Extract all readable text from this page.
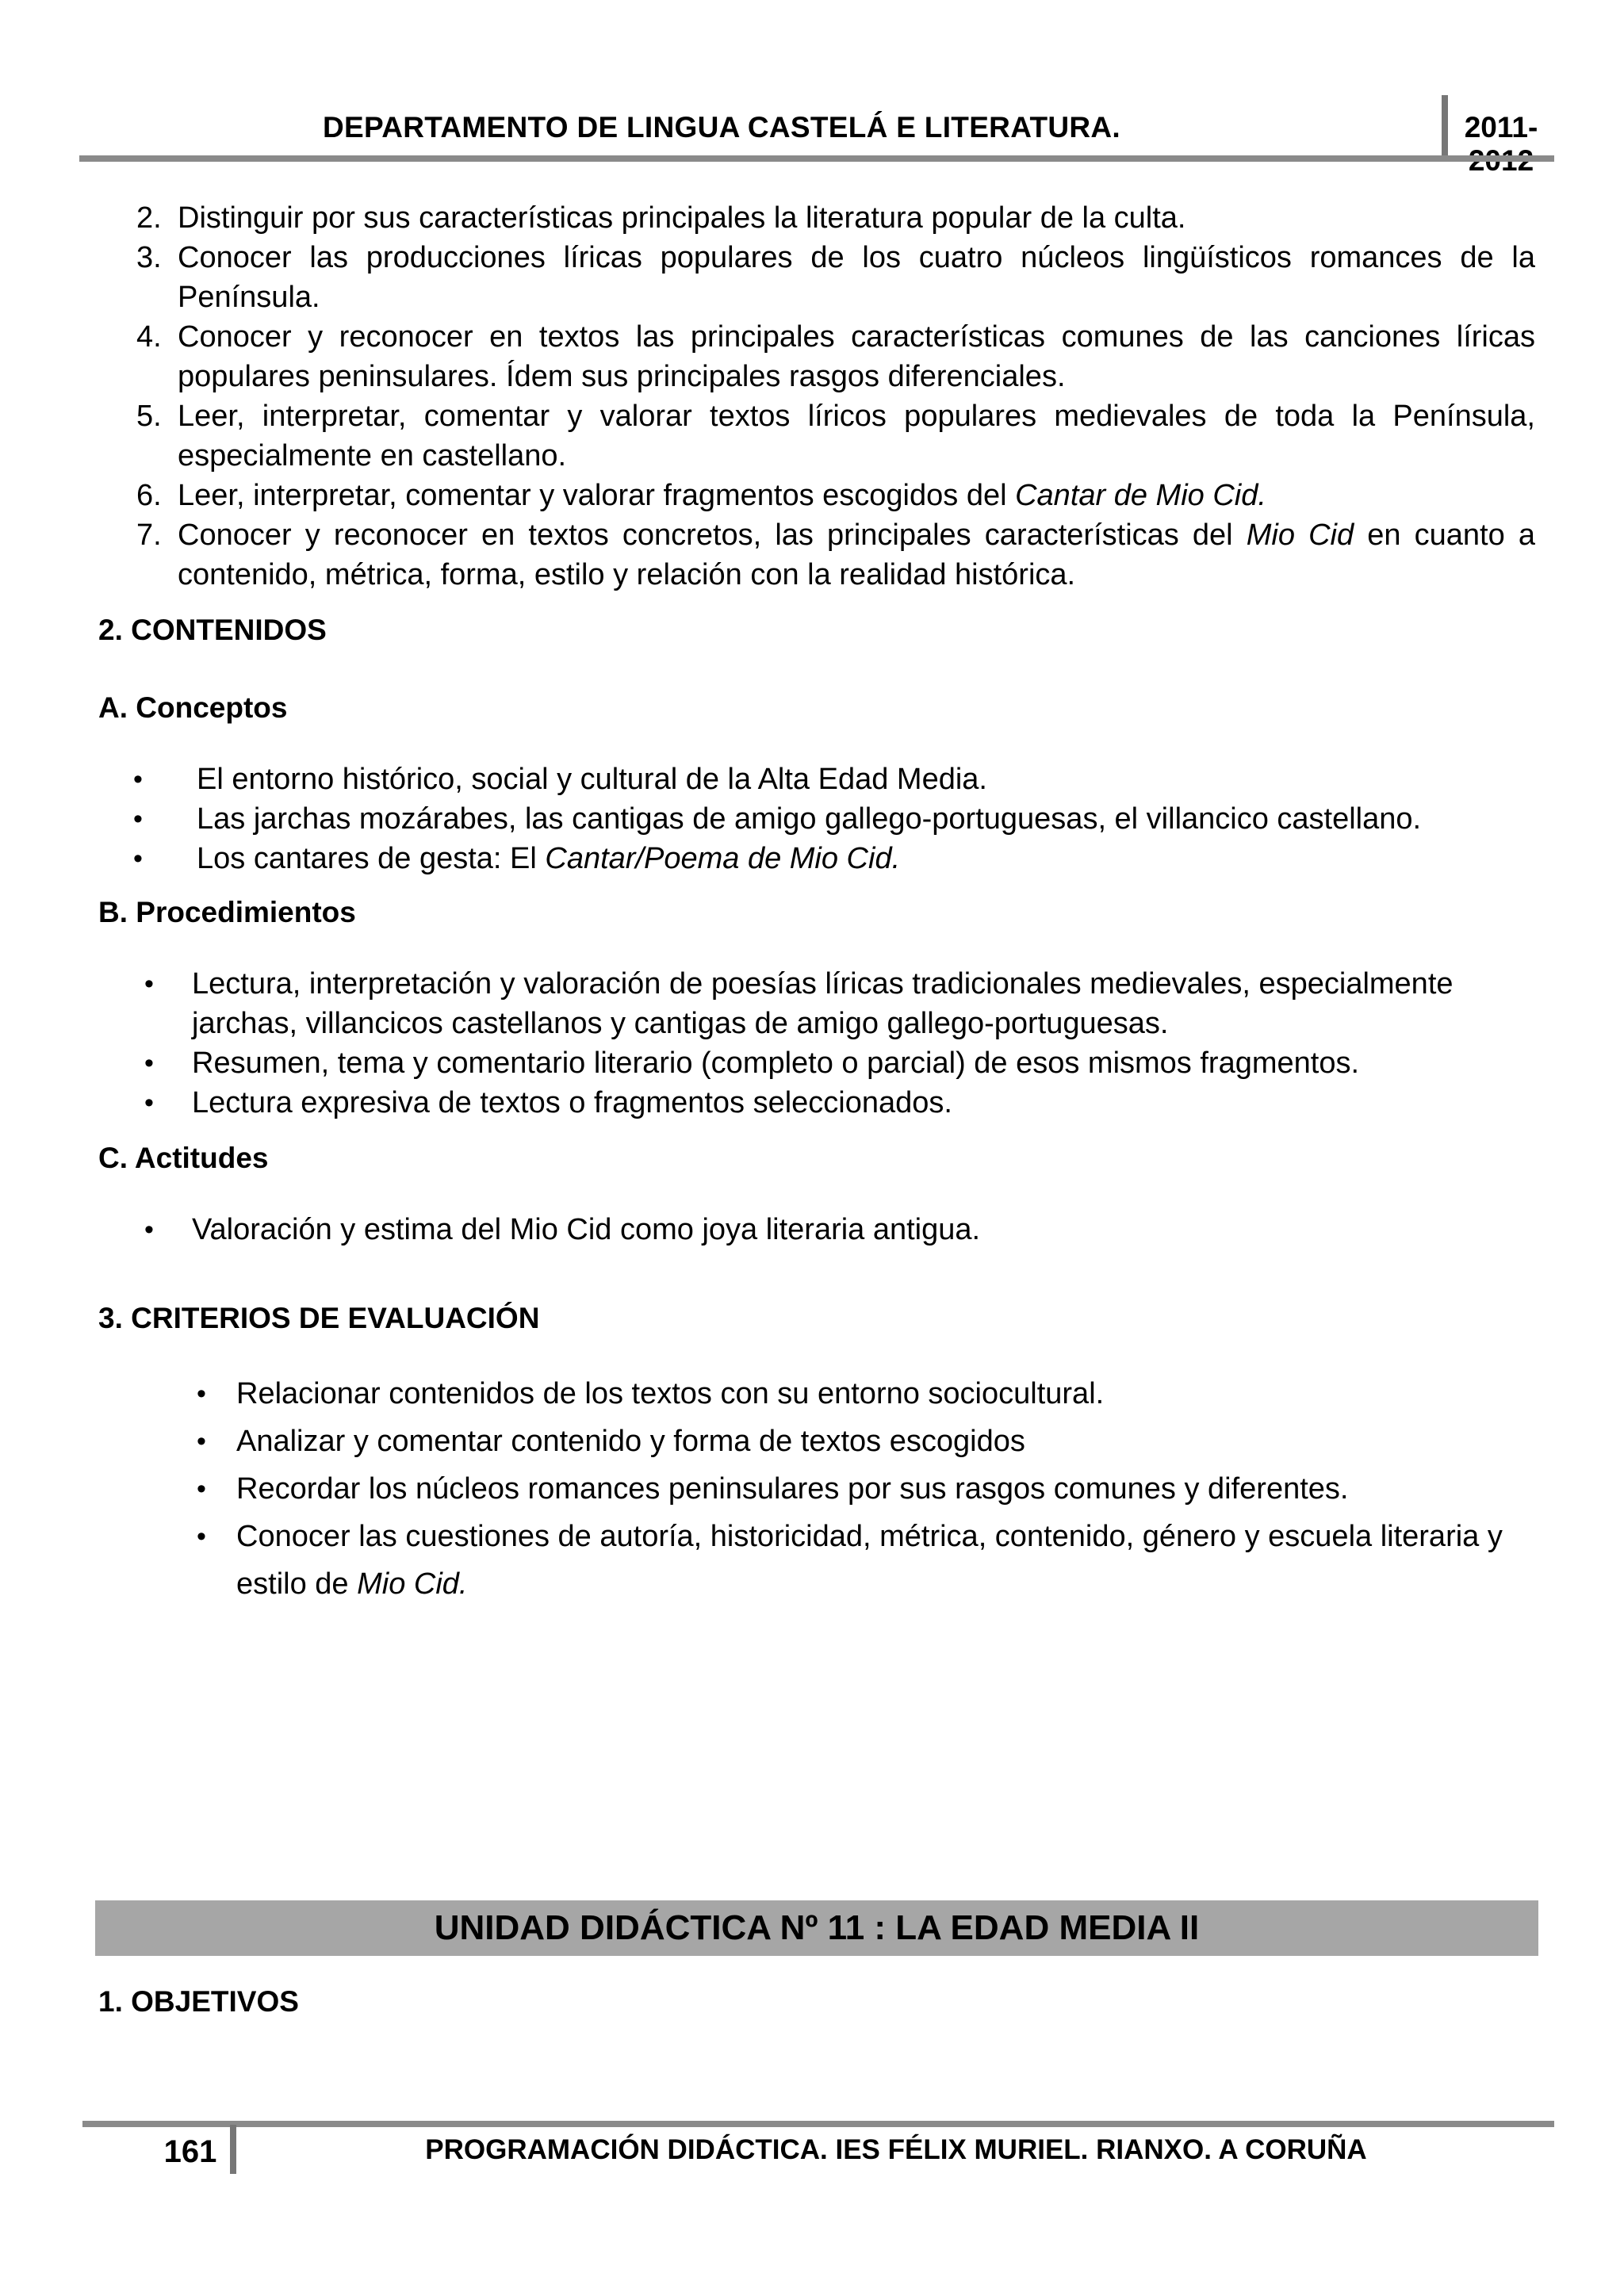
DEPARTAMENTO DE LINGUA CASTELÁ E LITERATURA.	2011-
2. Distinguir por sus características principales la literatura popular de la culta.
3. Conocer las producciones líricas populares de los cuatro núcleos lingüísticos romances de la Península.
4. Conocer y reconocer en textos las principales características comunes de las canciones líricas populares peninsulares. Ídem sus principales rasgos diferenciales.
5. Leer, interpretar, comentar y valorar textos líricos populares medievales de toda la Península, especialmente en castellano.
6. Leer, interpretar, comentar y valorar fragmentos escogidos del Cantar de Mio Cid.
7. Conocer y reconocer en textos concretos, las principales características del Mio Cid en cuanto a contenido, métrica, forma, estilo y relación con la realidad histórica.
2. CONTENIDOS
A. Conceptos
• El entorno histórico, social y cultural de la Alta Edad Media.
• Las jarchas mozárabes, las cantigas de amigo gallego-portuguesas, el villancico castellano.
• Los cantares de gesta: El Cantar/Poema de Mio Cid.
B. Procedimientos
• Lectura, interpretación y valoración de poesías líricas tradicionales medievales, especialmente jarchas, villancicos castellanos y cantigas de amigo gallego-portuguesas.
• Resumen, tema y comentario literario (completo o parcial) de esos mismos fragmentos.
• Lectura expresiva de textos o fragmentos seleccionados.
C. Actitudes
• Valoración y estima del Mio Cid como joya literaria antigua.
3. CRITERIOS DE EVALUACIÓN
• Relacionar contenidos de los textos con su entorno sociocultural.
• Analizar y comentar contenido y forma de textos escogidos
• Recordar los núcleos romances peninsulares por sus rasgos comunes y diferentes.
• Conocer las cuestiones de autoría, historicidad, métrica, contenido, género y escuela literaria y estilo de Mio Cid.
UNIDAD DIDÁCTICA Nº 11 : LA EDAD MEDIA II
1. OBJETIVOS
161	PROGRAMACIÓN DIDÁCTICA. IES FÉLIX MURIEL. RIANXO. A CORUÑA
